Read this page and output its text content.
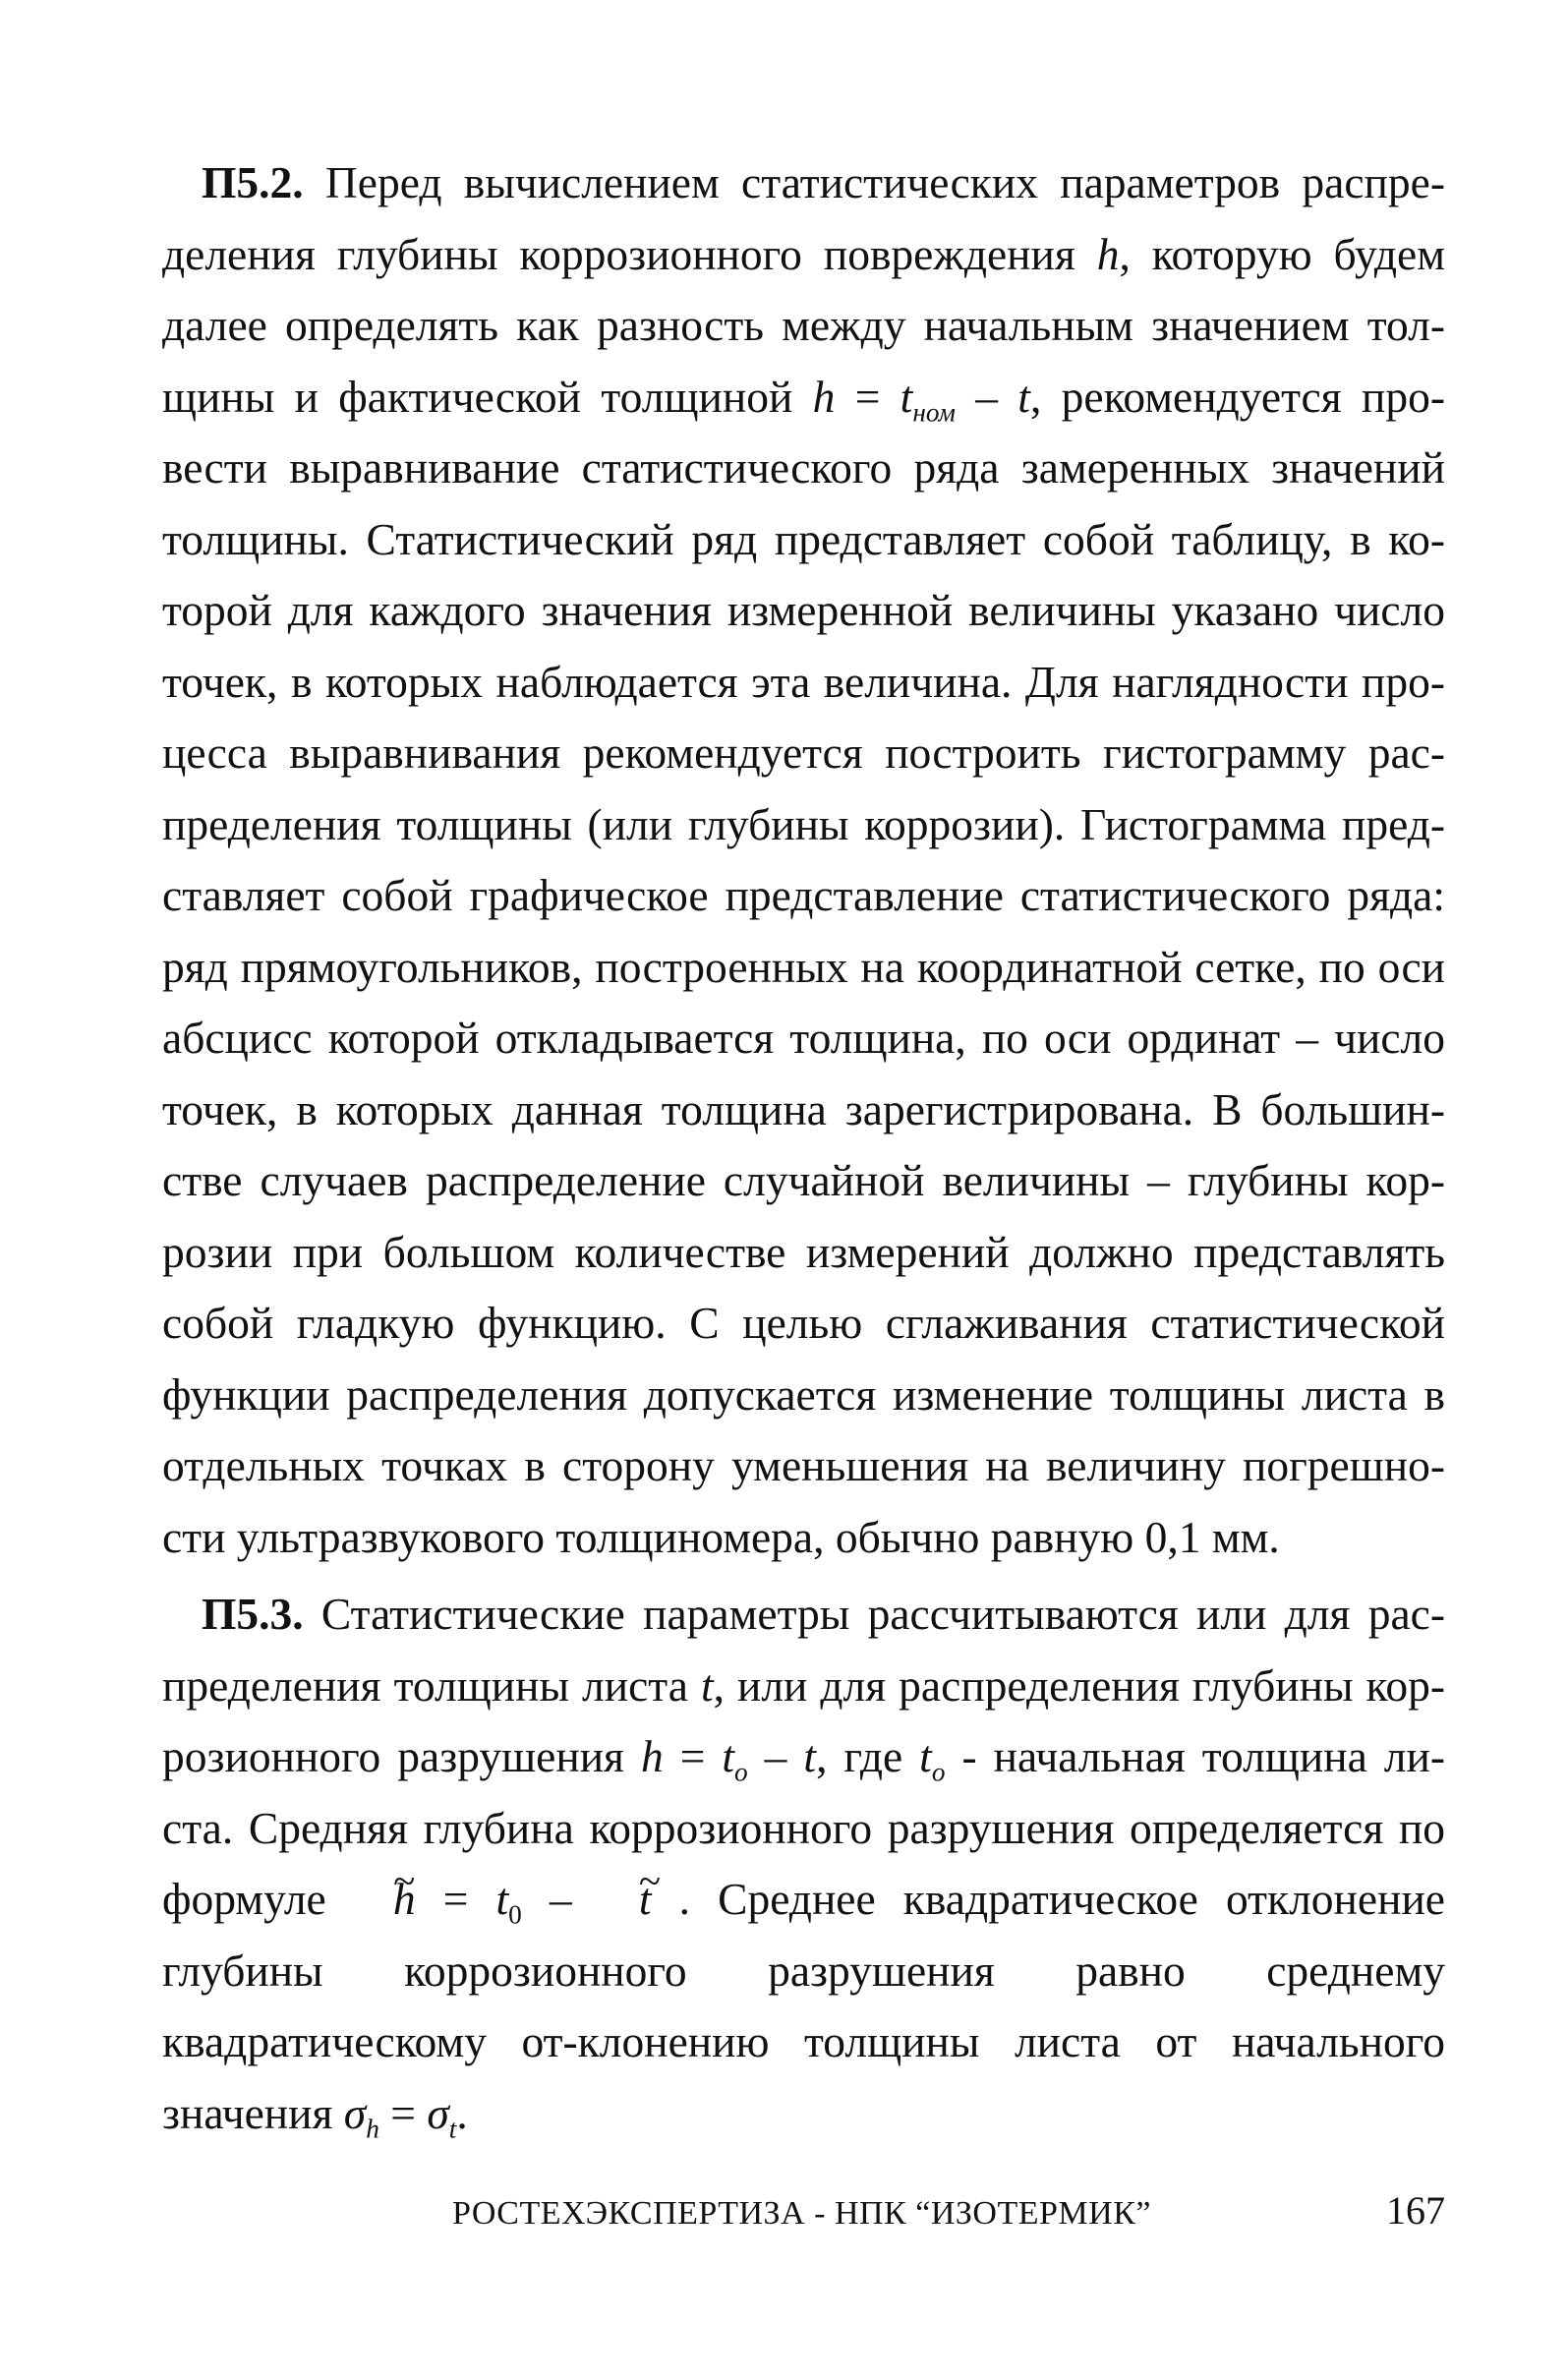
П5.2. Перед вычислением статистических параметров распре-деления глубины коррозионного повреждения h, которую будем далее определять как разность между начальным значением тол-щины и фактической толщиной $h = t_{ном} - t$, рекомендуется про-вести выравнивание статистического ряда замеренных значений толщины. Статистический ряд представляет собой таблицу, в ко-торой для каждого значения измеренной величины указано число точек, в которых наблюдается эта величина. Для наглядности про-цесса выравнивания рекомендуется построить гистограмму рас-пределения толщины (или глубины коррозии). Гистограмма пред-ставляет собой графическое представление статистического ряда: ряд прямоугольников, построенных на координатной сетке, по оси абсцисс которой откладывается толщина, по оси ординат – число точек, в которых данная толщина зарегистрирована. В большин-стве случаев распределение случайной величины – глубины кор-розии при большом количестве измерений должно представлять собой гладкую функцию. С целью сглаживания статистической функции распределения допускается изменение толщины листа в отдельных точках в сторону уменьшения на величину погрешно-сти ультразвукового толщиномера, обычно равную 0,1 мм.

П5.3. Статистические параметры рассчитываются или для рас-пределения толщины листа t, или для распределения глубины кор-розионного разрушения $h = t_o - t$, где $t_o$ - начальная толщина ли-ста. Средняя глубина коррозионного разрушения определяется по формуле ~ $h = t_0$ – ~ t . Среднее квадратическое отклонение глубины коррозионного разрушения равно среднему квадратическому от-клонению толщины листа от начального значения $\sigma_h = \sigma_t$.

РОСТЕХЭКСПЕРТИЗА - НПК “ИЗОТЕРМИК”	167
